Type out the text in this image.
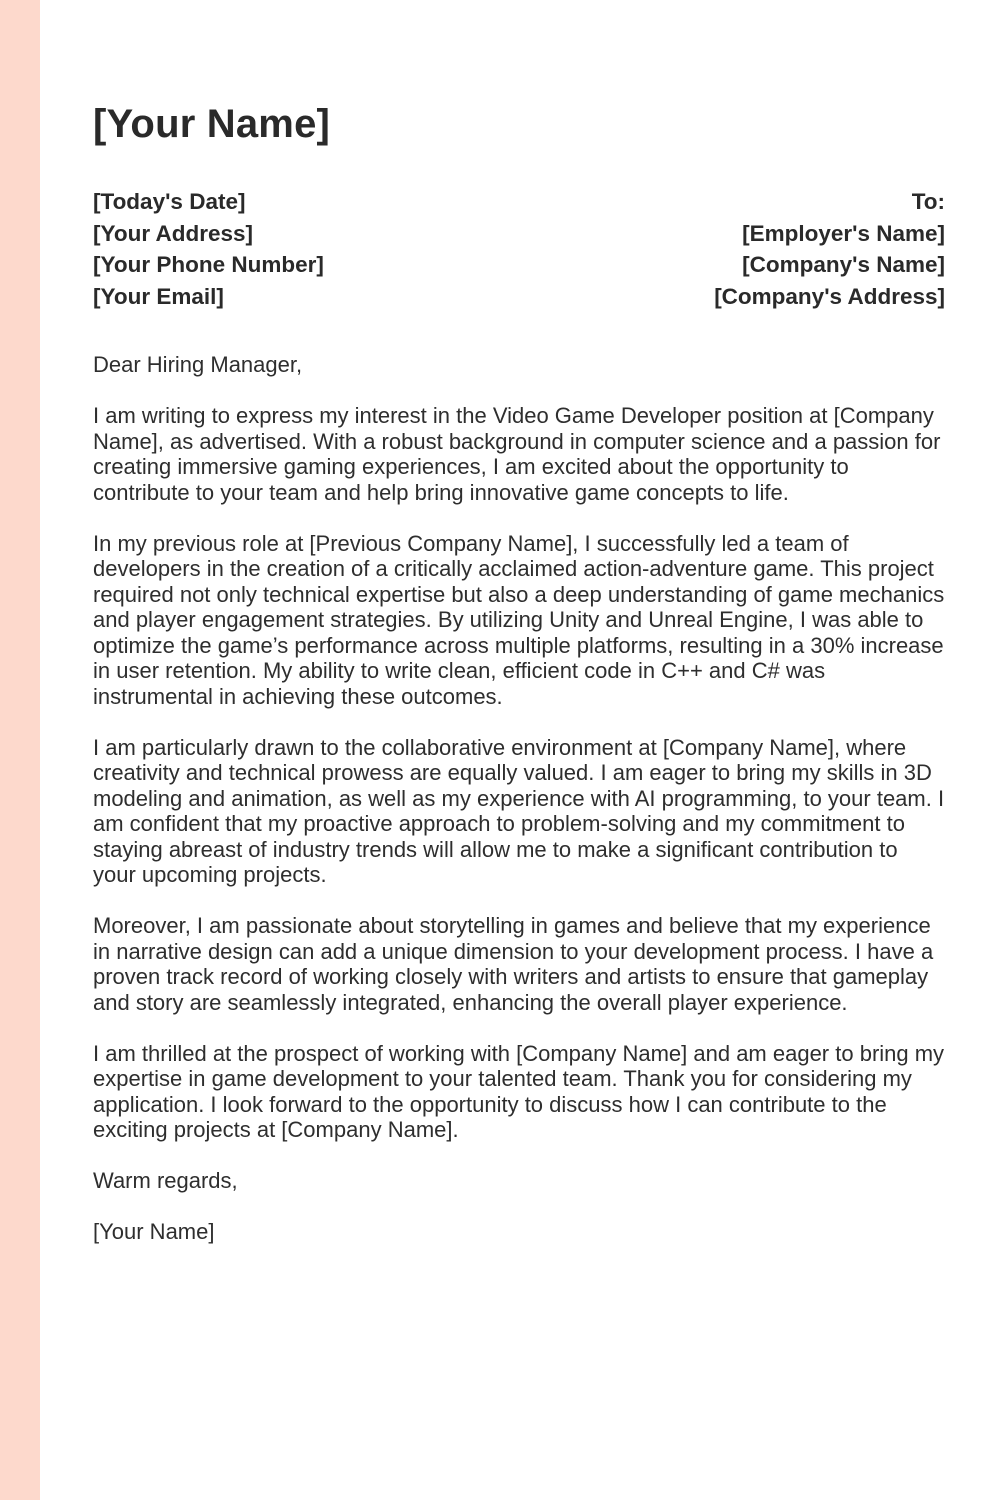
[Your Name]
[Today's Date]
[Your Address]
[Your Phone Number]
[Your Email]
To:
[Employer's Name]
[Company's Name]
[Company's Address]

Dear Hiring Manager,

I am writing to express my interest in the Video Game Developer position at [Company Name], as advertised. With a robust background in computer science and a passion for creating immersive gaming experiences, I am excited about the opportunity to contribute to your team and help bring innovative game concepts to life.

In my previous role at [Previous Company Name], I successfully led a team of developers in the creation of a critically acclaimed action-adventure game. This project required not only technical expertise but also a deep understanding of game mechanics and player engagement strategies. By utilizing Unity and Unreal Engine, I was able to optimize the game’s performance across multiple platforms, resulting in a 30% increase in user retention. My ability to write clean, efficient code in C++ and C# was instrumental in achieving these outcomes.

I am particularly drawn to the collaborative environment at [Company Name], where creativity and technical prowess are equally valued. I am eager to bring my skills in 3D modeling and animation, as well as my experience with AI programming, to your team. I am confident that my proactive approach to problem-solving and my commitment to staying abreast of industry trends will allow me to make a significant contribution to your upcoming projects.

Moreover, I am passionate about storytelling in games and believe that my experience in narrative design can add a unique dimension to your development process. I have a proven track record of working closely with writers and artists to ensure that gameplay and story are seamlessly integrated, enhancing the overall player experience.

I am thrilled at the prospect of working with [Company Name] and am eager to bring my expertise in game development to your talented team. Thank you for considering my application. I look forward to the opportunity to discuss how I can contribute to the exciting projects at [Company Name].

Warm regards,

[Your Name]
